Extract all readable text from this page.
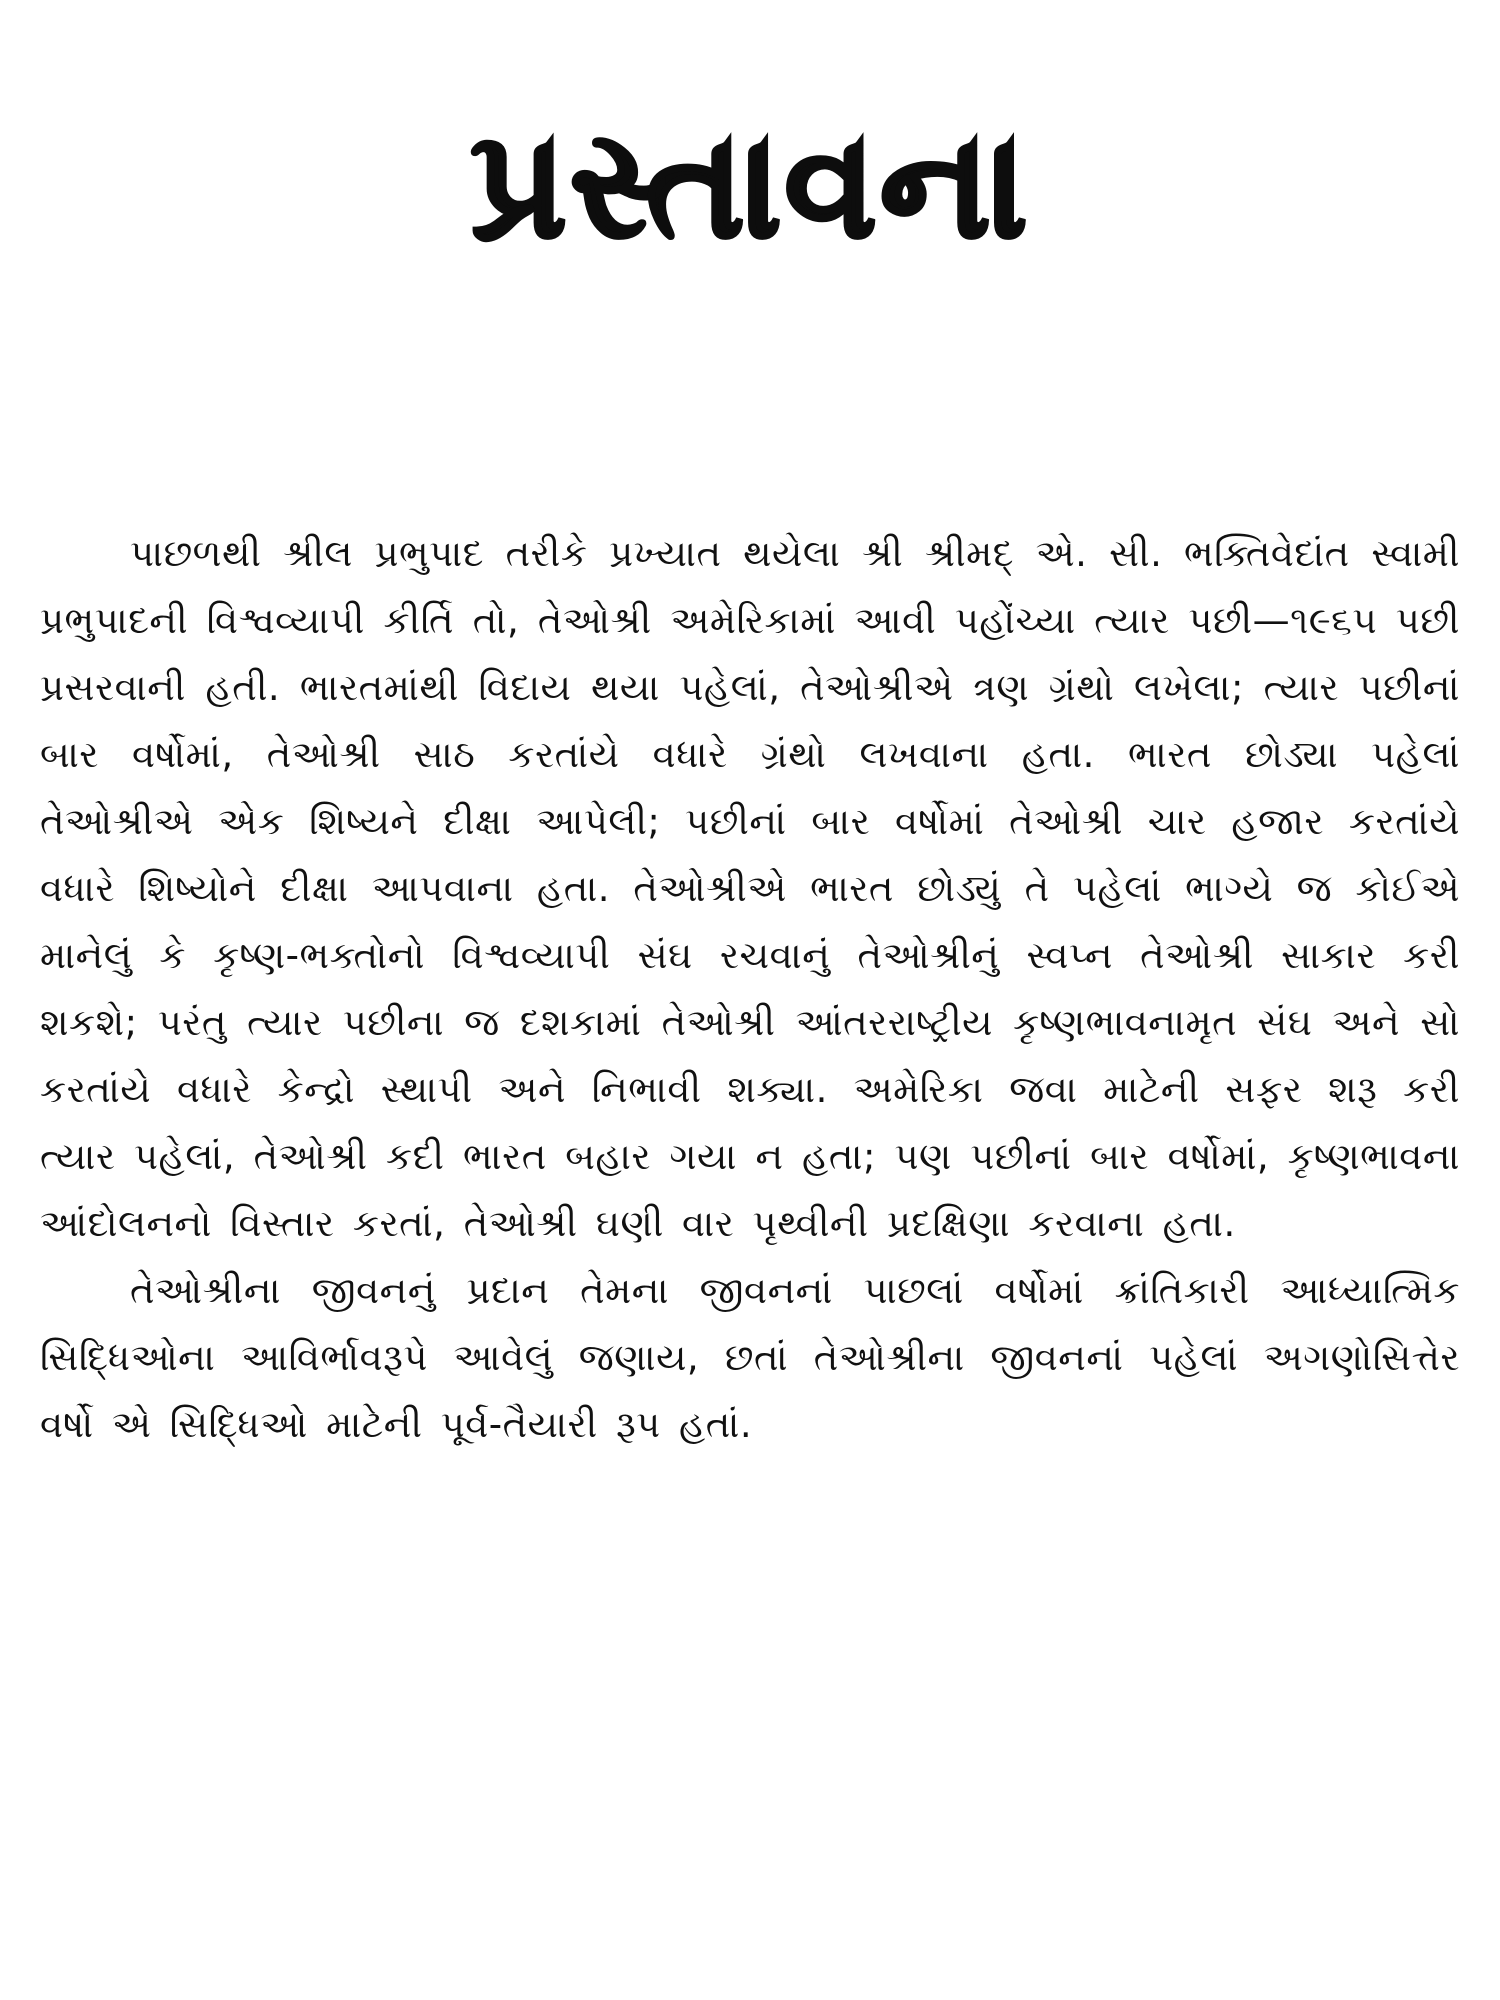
પ્રસ્તાવના

પાછળથી શ્રીલ પ્રભુપાદ તરીકે પ્રખ્યાત થયેલા શ્રી શ્રીમદ્ એ. સી. ભક્તિવેદાંત સ્વામી પ્રભુપાદની વિશ્વવ્યાપી કીર્તિ તો, તેઓશ્રી અમેરિકામાં આવી પહોંચ્યા ત્યાર પછી—૧૯૬૫ પછી પ્રસરવાની હતી. ભારતમાંથી વિદાય થયા પહેલાં, તેઓશ્રીએ ત્રણ ગ્રંથો લખેલા; ત્યાર પછીનાં બાર વર્ષોમાં, તેઓશ્રી સાઠ કરતાંયે વધારે ગ્રંથો લખવાના હતા. ભારત છોડ્યા પહેલાં તેઓશ્રીએ એક શિષ્યને દીક્ષા આપેલી; પછીનાં બાર વર્ષોમાં તેઓશ્રી ચાર હજાર કરતાંયે વધારે શિષ્યોને દીક્ષા આપવાના હતા. તેઓશ્રીએ ભારત છોડ્યું તે પહેલાં ભાગ્યે જ કોઈએ માનેલું કે કૃષ્ણ-ભક્તોનો વિશ્વવ્યાપી સંઘ રચવાનું તેઓશ્રીનું સ્વપ્ન તેઓશ્રી સાકાર કરી શકશે; પરંતુ ત્યાર પછીના જ દશકામાં તેઓશ્રી આંતરરાષ્ટ્રીય કૃષ્ણભાવનામૃત સંઘ અને સો કરતાંયે વધારે કેન્દ્રો સ્થાપી અને નિભાવી શક્યા. અમેરિકા જવા માટેની સફર શરૂ કરી ત્યાર પહેલાં, તેઓશ્રી કદી ભારત બહાર ગયા ન હતા; પણ પછીનાં બાર વર્ષોમાં, કૃષ્ણભાવના આંદોલનનો વિસ્તાર કરતાં, તેઓશ્રી ઘણી વાર પૃથ્વીની પ્રદક્ષિણા કરવાના હતા.

તેઓશ્રીના જીવનનું પ્રદાન તેમના જીવનનાં પાછલાં વર્ષોમાં ક્રાંતિકારી આધ્યાત્મિક સિદ્ધિઓના આવિર્ભાવરૂપે આવેલું જણાય, છતાં તેઓશ્રીના જીવનનાં પહેલાં અગણોસિત્તેર વર્ષો એ સિદ્ધિઓ માટેની પૂર્વ-તૈયારી રૂપ હતાં.
